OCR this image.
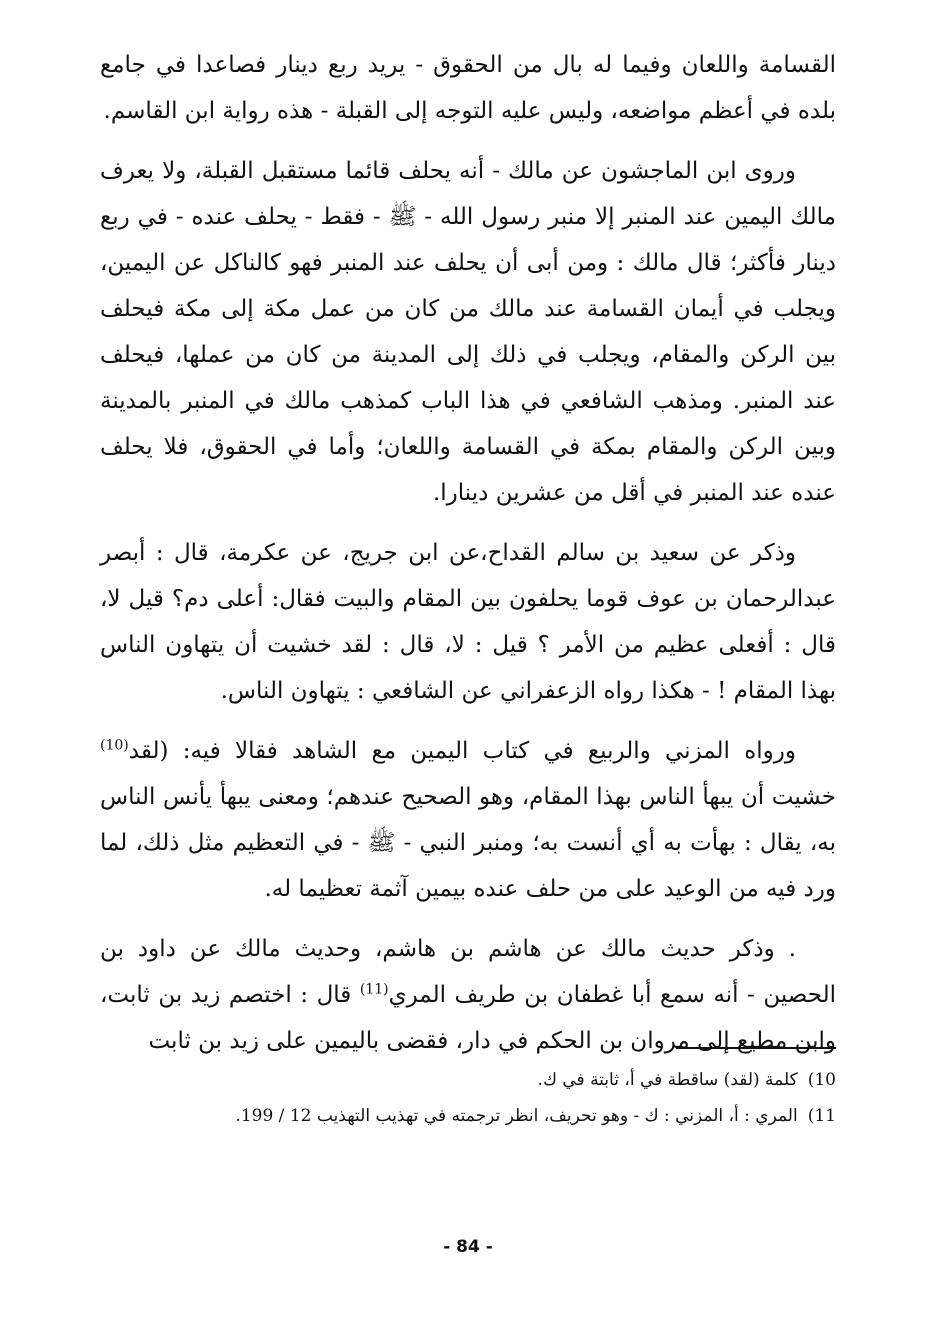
القسامة واللعان وفيما له بال من الحقوق - يريد ربع دينار فصاعدا في جامع بلده في أعظم مواضعه، وليس عليه التوجه إلى القبلة - هذه رواية ابن القاسم.

وروى ابن الماجشون عن مالك - أنه يحلف قائما مستقبل القبلة، ولا يعرف مالك اليمين عند المنبر إلا منبر رسول الله - ﷺ - فقط - يحلف عنده - في ربع دينار فأكثر؛ قال مالك : ومن أبى أن يحلف عند المنبر فهو كالناكل عن اليمين، ويجلب في أيمان القسامة عند مالك من كان من عمل مكة إلى مكة فيحلف بين الركن والمقام، ويجلب في ذلك إلى المدينة من كان من عملها، فيحلف عند المنبر. ومذهب الشافعي في هذا الباب كمذهب مالك في المنبر بالمدينة وبين الركن والمقام بمكة في القسامة واللعان؛ وأما في الحقوق، فلا يحلف عنده عند المنبر في أقل من عشرين دينارا.

وذكر عن سعيد بن سالم القداح،عن ابن جريج، عن عكرمة، قال : أبصر عبدالرحمان بن عوف قوما يحلفون بين المقام والبيت فقال: أعلى دم؟ قيل لا، قال : أفعلى عظيم من الأمر ؟ قيل : لا، قال : لقد خشيت أن يتهاون الناس بهذا المقام ! - هكذا رواه الزعفراني عن الشافعي : يتهاون الناس.

ورواه المزني والربيع في كتاب اليمين مع الشاهد فقالا فيه: (لقد$^{(10)}$ خشيت أن يبهأ الناس بهذا المقام، وهو الصحيح عندهم؛ ومعنى يبهأ يأنس الناس به، يقال : بهأت به أي أنست به؛ ومنبر النبي - ﷺ - في التعظيم مثل ذلك، لما ورد فيه من الوعيد على من حلف عنده بيمين آثمة تعظيما له.

. وذكر حديث مالك عن هاشم بن هاشم، وحديث مالك عن داود بن الحصين - أنه سمع أبا غطفان بن طريف المري$^{(11)}$ قال : اختصم زيد بن ثابت، وابن مطيع إلى مروان بن الحكم في دار، فقضى باليمين على زيد بن ثابت

10)كلمة (لقد) ساقطة في أ، ثابتة في ك.

11)المري : أ، المزني : ك - وهو تحريف، انظر ترجمته في تهذيب التهذيب 12 / 199.

- 84 -
